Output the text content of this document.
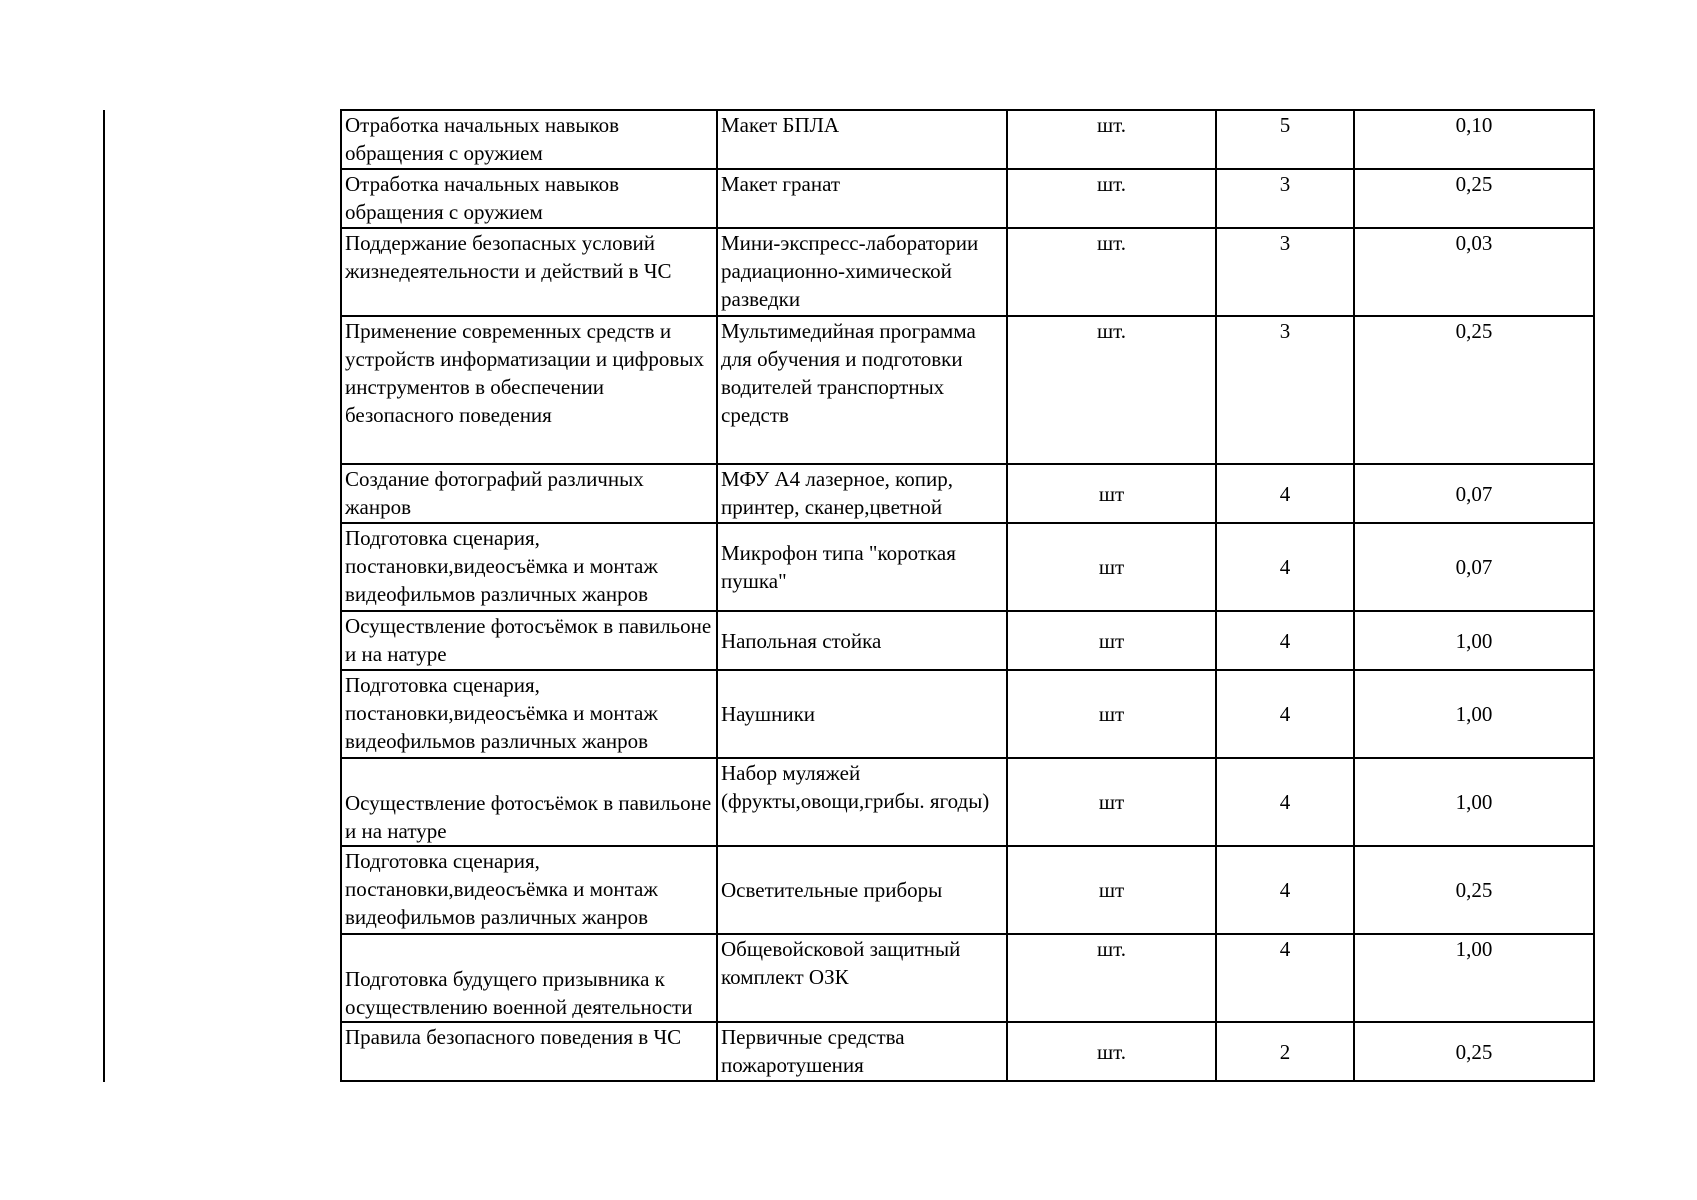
Отработка начальных навыков обращения с оружием	Макет БПЛА	шт.	5	0,10
Отработка начальных навыков обращения с оружием	Макет гранат	шт.	3	0,25
Поддержание безопасных условий жизнедеятельности и действий в ЧС	Мини-экспресс-лаборатории радиационно-химической разведки	шт.	3	0,03
Применение современных средств и устройств информатизации и цифровых инструментов в обеспечении безопасного поведения	Мультимедийная программа для обучения и подготовки водителей транспортных средств	шт.	3	0,25
Создание фотографий различных жанров	МФУ А4 лазерное, копир, принтер, сканер,цветной	шт	4	0,07
Подготовка сценария, постановки,видеосъёмка и монтаж видеофильмов различных жанров	Микрофон типа "короткая пушка"	шт	4	0,07
Осуществление фотосъёмок в павильоне и на натуре	Напольная стойка	шт	4	1,00
Подготовка сценария, постановки,видеосъёмка и монтаж видеофильмов различных жанров	Наушники	шт	4	1,00
Осуществление фотосъёмок в павильоне и на натуре	Набор муляжей (фрукты,овощи,грибы. ягоды)	шт	4	1,00
Подготовка сценария, постановки,видеосъёмка и монтаж видеофильмов различных жанров	Осветительные приборы	шт	4	0,25
Подготовка будущего призывника к осуществлению военной деятельности	Общевойсковой защитный комплект ОЗК	шт.	4	1,00
Правила безопасного поведения в ЧС	Первичные средства пожаротушения	шт.	2	0,25
